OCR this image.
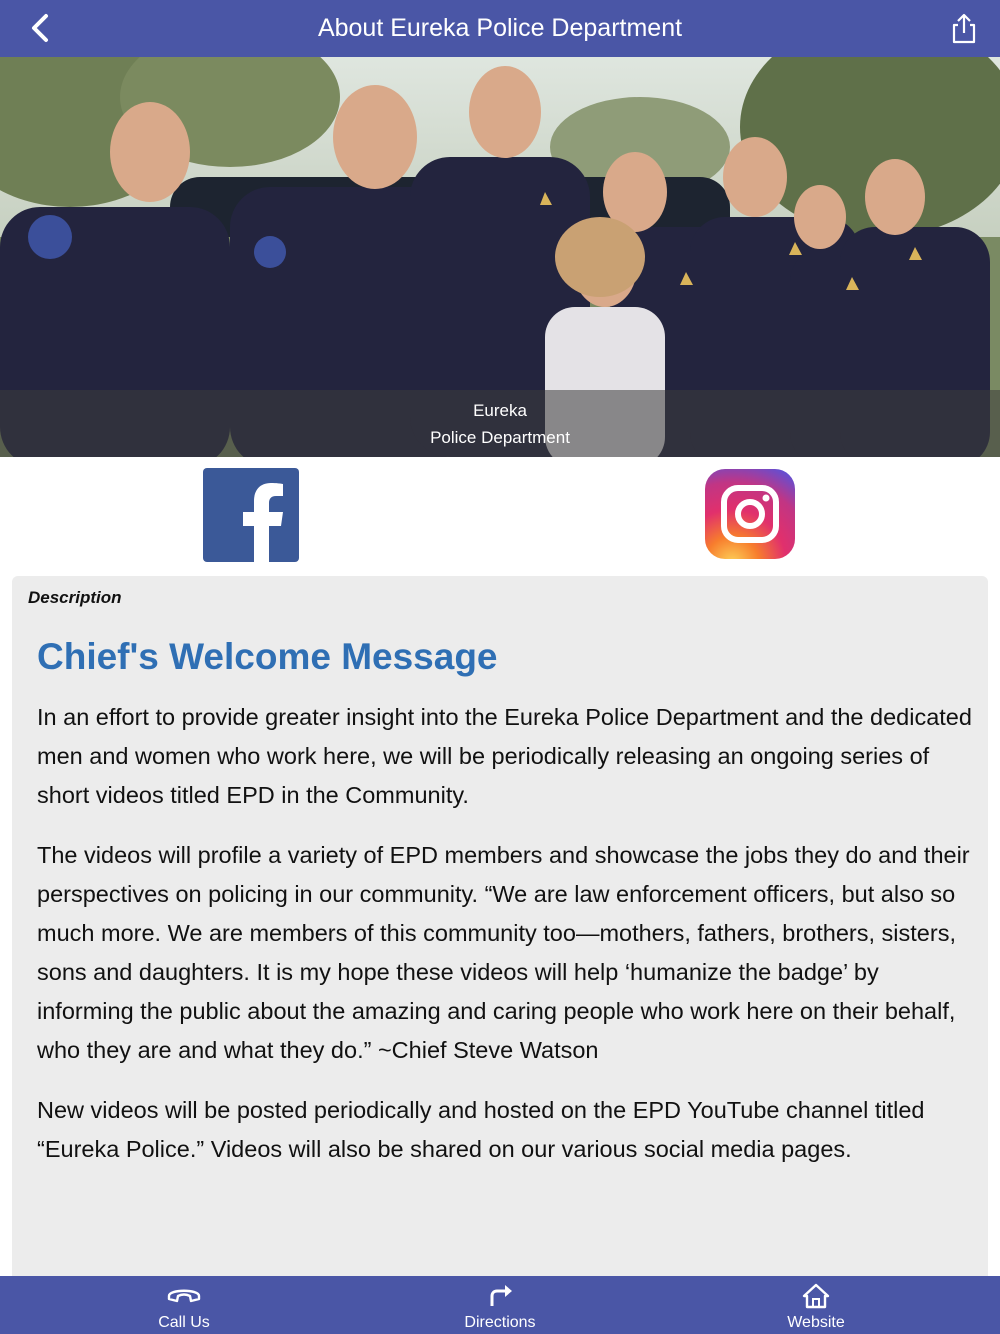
About Eureka Police Department
Eureka
Police Department
Description
Chief's Welcome Message

In an effort to provide greater insight into the Eureka Police Department and the dedicated men and women who work here, we will be periodically releasing an ongoing series of short videos titled EPD in the Community.

The videos will profile a variety of EPD members and showcase the jobs they do and their perspectives on policing in our community. “We are law enforcement officers, but also so much more. We are members of this community too—mothers, fathers, brothers, sisters, sons and daughters. It is my hope these videos will help ‘humanize the badge’ by informing the public about the amazing and caring people who work here on their behalf, who they are and what they do.” ~Chief Steve Watson

New videos will be posted periodically and hosted on the EPD YouTube channel titled “Eureka Police.” Videos will also be shared on our various social media pages.

Call Us	Directions	Website
